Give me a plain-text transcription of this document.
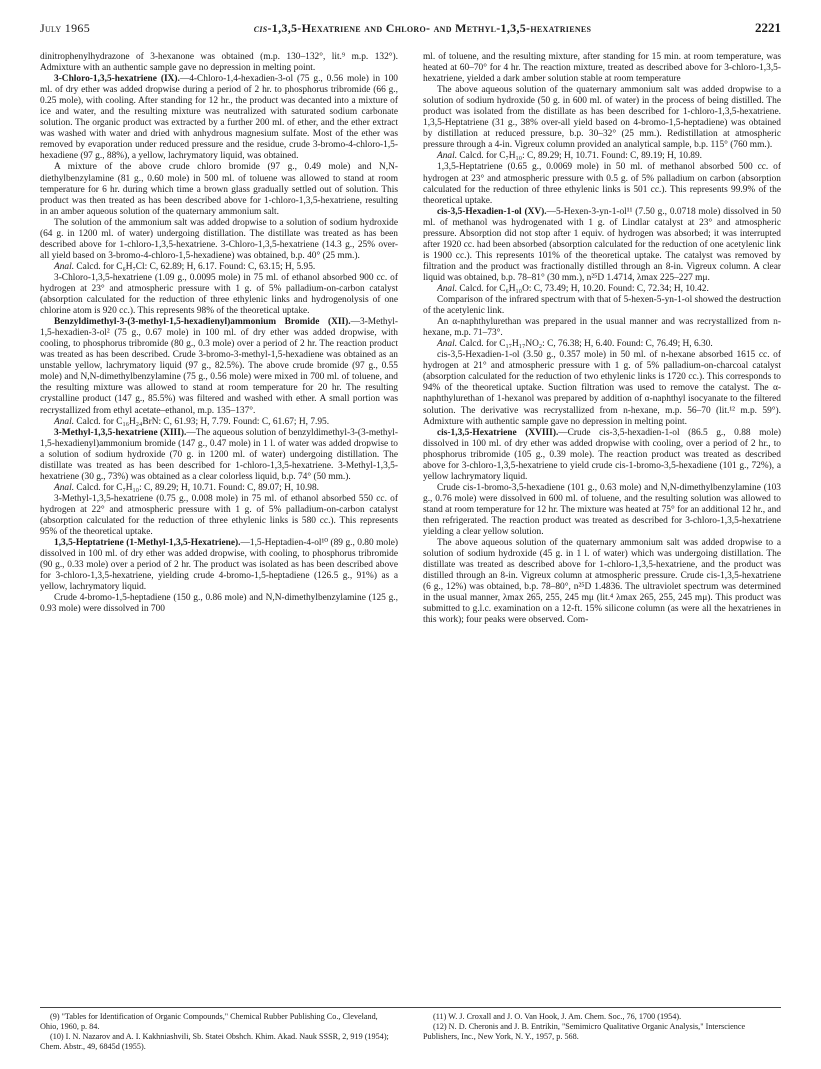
July 1965	cis-1,3,5-Hexatriene and Chloro- and Methyl-1,3,5-hexatrienes	2221

dinitrophenylhydrazone of 3-hexanone was obtained (m.p. 130–132°, lit.⁹ m.p. 132°). Admixture with an authentic sample gave no depression in melting point.

3-Chloro-1,3,5-hexatriene (IX).—4-Chloro-1,4-hexadien-3-ol (75 g., 0.56 mole) in 100 ml. of dry ether was added dropwise during a period of 2 hr. to phosphorus tribromide (66 g., 0.25 mole), with cooling. After standing for 12 hr., the product was decanted into a mixture of ice and water, and the resulting mixture was neutralized with saturated sodium carbonate solution. The organic product was extracted by a further 200 ml. of ether, and the ether extract was washed with water and dried with anhydrous magnesium sulfate. Most of the ether was removed by evaporation under reduced pressure and the residue, crude 3-bromo-4-chloro-1,5-hexadiene (97 g., 88%), a yellow, lachrymatory liquid, was obtained.

A mixture of the above crude chloro bromide (97 g., 0.49 mole) and N,N-diethylbenzylamine (81 g., 0.60 mole) in 500 ml. of toluene was allowed to stand at room temperature for 6 hr. during which time a brown glass gradually settled out of solution. This product was then treated as has been described above for 1-chloro-1,3,5-hexatriene, resulting in an amber aqueous solution of the quaternary ammonium salt.

The solution of the ammonium salt was added dropwise to a solution of sodium hydroxide (64 g. in 1200 ml. of water) undergoing distillation. The distillate was treated as has been described above for 1-chloro-1,3,5-hexatriene. 3-Chloro-1,3,5-hexatriene (14.3 g., 25% over-all yield based on 3-bromo-4-chloro-1,5-hexadiene) was obtained, b.p. 40° (25 mm.).

Anal. Calcd. for C₆H₇Cl: C, 62.89; H, 6.17. Found: C, 63.15; H, 5.95.

3-Chloro-1,3,5-hexatriene (1.09 g., 0.0095 mole) in 75 ml. of ethanol absorbed 900 cc. of hydrogen at 23° and atmospheric pressure with 1 g. of 5% palladium-on-carbon catalyst (absorption calculated for the reduction of three ethylenic links and hydrogenolysis of one chlorine atom is 920 cc.). This represents 98% of the theoretical uptake.

Benzyldimethyl-3-(3-methyl-1,5-hexadienyl)ammonium Bromide (XII).—3-Methyl-1,5-hexadien-3-ol² (75 g., 0.67 mole) in 100 ml. of dry ether was added dropwise, with cooling, to phosphorus tribromide (80 g., 0.3 mole) over a period of 2 hr. The reaction product was treated as has been described. Crude 3-bromo-3-methyl-1,5-hexadiene was obtained as an unstable yellow, lachrymatory liquid (97 g., 82.5%). The above crude bromide (97 g., 0.55 mole) and N,N-dimethylbenzylamine (75 g., 0.56 mole) were mixed in 700 ml. of toluene, and the resulting mixture was allowed to stand at room temperature for 20 hr. The resulting crystalline product (147 g., 85.5%) was filtered and washed with ether. A small portion was recrystallized from ethyl acetate–ethanol, m.p. 135–137°.

Anal. Calcd. for C₁₆H₂₄BrN: C, 61.93; H, 7.79. Found: C, 61.67; H, 7.95.

3-Methyl-1,3,5-hexatriene (XIII).—The aqueous solution of benzyldimethyl-3-(3-methyl-1,5-hexadienyl)ammonium bromide (147 g., 0.47 mole) in 1 l. of water was added dropwise to a solution of sodium hydroxide (70 g. in 1200 ml. of water) undergoing distillation. The distillate was treated as has been described for 1-chloro-1,3,5-hexatriene. 3-Methyl-1,3,5-hexatriene (30 g., 73%) was obtained as a clear colorless liquid, b.p. 74° (50 mm.).

Anal. Calcd. for C₇H₁₀: C, 89.29; H, 10.71. Found: C, 89.07; H, 10.98.

3-Methyl-1,3,5-hexatriene (0.75 g., 0.008 mole) in 75 ml. of ethanol absorbed 550 cc. of hydrogen at 22° and atmospheric pressure with 1 g. of 5% palladium-on-carbon catalyst (absorption calculated for the reduction of three ethylenic links is 580 cc.). This represents 95% of the theoretical uptake.

1,3,5-Heptatriene (1-Methyl-1,3,5-Hexatriene).—1,5-Heptadien-4-ol¹⁰ (89 g., 0.80 mole) dissolved in 100 ml. of dry ether was added dropwise, with cooling, to phosphorus tribromide (90 g., 0.33 mole) over a period of 2 hr. The product was isolated as has been described above for 3-chloro-1,3,5-hexatriene, yielding crude 4-bromo-1,5-heptadiene (126.5 g., 91%) as a yellow, lachrymatory liquid.

Crude 4-bromo-1,5-heptadiene (150 g., 0.86 mole) and N,N-dimethylbenzylamine (125 g., 0.93 mole) were dissolved in 700

ml. of toluene, and the resulting mixture, after standing for 15 min. at room temperature, was heated at 60–70° for 4 hr. The reaction mixture, treated as described above for 3-chloro-1,3,5-hexatriene, yielded a dark amber solution stable at room temperature

The above aqueous solution of the quaternary ammonium salt was added dropwise to a solution of sodium hydroxide (50 g. in 600 ml. of water) in the process of being distilled. The product was isolated from the distillate as has been described for 1-chloro-1,3,5-hexatriene. 1,3,5-Heptatriene (31 g., 38% over-all yield based on 4-bromo-1,5-heptadiene) was obtained by distillation at reduced pressure, b.p. 30–32° (25 mm.). Redistillation at atmospheric pressure through a 4-in. Vigreux column provided an analytical sample, b.p. 115° (760 mm.).

Anal. Calcd. for C₇H₁₀: C, 89.29; H, 10.71. Found: C, 89.19; H, 10.89.

1,3,5-Heptatriene (0.65 g., 0.0069 mole) in 50 ml. of methanol absorbed 500 cc. of hydrogen at 23° and atmospheric pressure with 0.5 g. of 5% palladium on carbon (absorption calculated for the reduction of three ethylenic links is 501 cc.). This represents 99.9% of the theoretical uptake.

cis-3,5-Hexadien-1-ol (XV).—5-Hexen-3-yn-1-ol¹¹ (7.50 g., 0.0718 mole) dissolved in 50 ml. of methanol was hydrogenated with 1 g. of Lindlar catalyst at 23° and atmospheric pressure. Absorption did not stop after 1 equiv. of hydrogen was absorbed; it was interrupted after 1920 cc. had been absorbed (absorption calculated for the reduction of one acetylenic link is 1900 cc.). This represents 101% of the theoretical uptake. The catalyst was removed by filtration and the product was fractionally distilled through an 8-in. Vigreux column. A clear liquid was obtained, b.p. 78–81° (30 mm.), n²⁵D 1.4714, λmax 225–227 mμ.

Anal. Calcd. for C₆H₁₀O: C, 73.49; H, 10.20. Found: C, 72.34; H, 10.42.

Comparison of the infrared spectrum with that of 5-hexen-5-yn-1-ol showed the destruction of the acetylenic link.

An α-naphthylurethan was prepared in the usual manner and was recrystallized from n-hexane, m.p. 71–73°.

Anal. Calcd. for C₁₇H₁₇NO₂: C, 76.38; H, 6.40. Found: C, 76.49; H, 6.30.

cis-3,5-Hexadien-1-ol (3.50 g., 0.357 mole) in 50 ml. of n-hexane absorbed 1615 cc. of hydrogen at 21° and atmospheric pressure with 1 g. of 5% palladium-on-charcoal catalyst (absorption calculated for the reduction of two ethylenic links is 1720 cc.). This corresponds to 94% of the theoretical uptake. Suction filtration was used to remove the catalyst. The α-naphthylurethan of 1-hexanol was prepared by addition of α-naphthyl isocyanate to the filtered solution. The derivative was recrystallized from n-hexane, m.p. 56–70 (lit.¹² m.p. 59°). Admixture with authentic sample gave no depression in melting point.

cis-1,3,5-Hexatriene (XVIII).—Crude cis-3,5-hexadien-1-ol (86.5 g., 0.88 mole) dissolved in 100 ml. of dry ether was added dropwise with cooling, over a period of 2 hr., to phosphorus tribromide (105 g., 0.39 mole). The reaction product was treated as described above for 3-chloro-1,3,5-hexatriene to yield crude cis-1-bromo-3,5-hexadiene (101 g., 72%), a yellow lachrymatory liquid.

Crude cis-1-bromo-3,5-hexadiene (101 g., 0.63 mole) and N,N-dimethylbenzylamine (103 g., 0.76 mole) were dissolved in 600 ml. of toluene, and the resulting solution was allowed to stand at room temperature for 12 hr. The mixture was heated at 75° for an additional 12 hr., and then refrigerated. The reaction product was treated as described for 3-chloro-1,3,5-hexatriene yielding a clear yellow solution.

The above aqueous solution of the quaternary ammonium salt was added dropwise to a solution of sodium hydroxide (45 g. in 1 l. of water) which was undergoing distillation. The distillate was treated as described above for 1-chloro-1,3,5-hexatriene, and the product was distilled through an 8-in. Vigreux column at atmospheric pressure. Crude cis-1,3,5-hexatriene (6 g., 12%) was obtained, b.p. 78–80°, n²⁵D 1.4836. The ultraviolet spectrum was determined in the usual manner, λmax 265, 255, 245 mμ (lit.⁴ λmax 265, 255, 245 mμ). This product was submitted to g.l.c. examination on a 12-ft. 15% silicone column (as were all the hexatrienes in this work); four peaks were observed. Com-

(9) "Tables for Identification of Organic Compounds," Chemical Rubber Publishing Co., Cleveland, Ohio, 1960, p. 84.

(10) I. N. Nazarov and A. I. Kakhniashvili, Sb. Statei Obshch. Khim. Akad. Nauk SSSR, 2, 919 (1954); Chem. Abstr., 49, 6845d (1955).

(11) W. J. Croxall and J. O. Van Hook, J. Am. Chem. Soc., 76, 1700 (1954).

(12) N. D. Cheronis and J. B. Entrikin, "Semimicro Qualitative Organic Analysis," Interscience Publishers, Inc., New York, N. Y., 1957, p. 568.
